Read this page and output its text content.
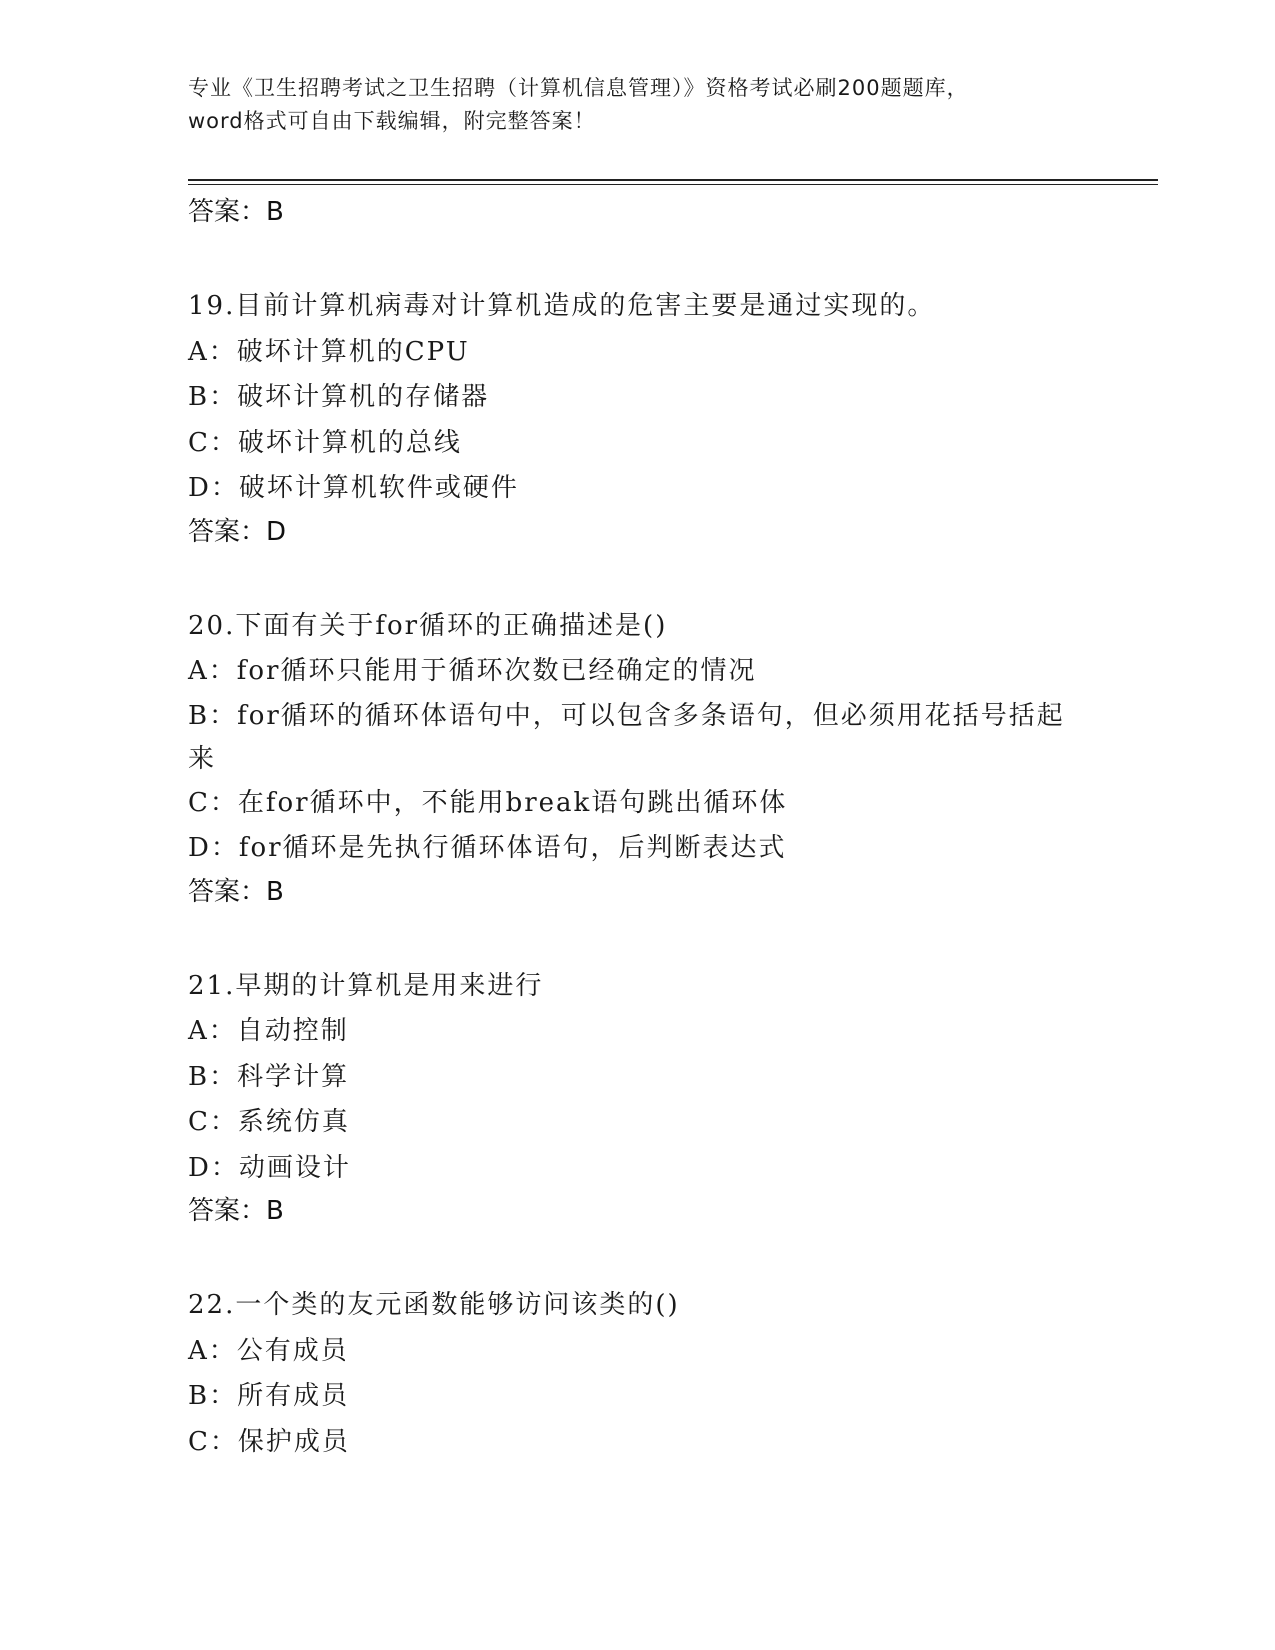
专业《卫生招聘考试之卫生招聘（计算机信息管理）》资格考试必刷200题题库，
word格式可自由下载编辑，附完整答案！
答案：B
19.目前计算机病毒对计算机造成的危害主要是通过实现的。
A：破坏计算机的CPU
B：破坏计算机的存储器
C：破坏计算机的总线
D：破坏计算机软件或硬件
答案：D
20.下面有关于for循环的正确描述是()
A：for循环只能用于循环次数已经确定的情况
B：for循环的循环体语句中，可以包含多条语句，但必须用花括号括起来
C：在for循环中，不能用break语句跳出循环体
D：for循环是先执行循环体语句，后判断表达式
答案：B
21.早期的计算机是用来进行
A：自动控制
B：科学计算
C：系统仿真
D：动画设计
答案：B
22.一个类的友元函数能够访问该类的()
A：公有成员
B：所有成员
C：保护成员
